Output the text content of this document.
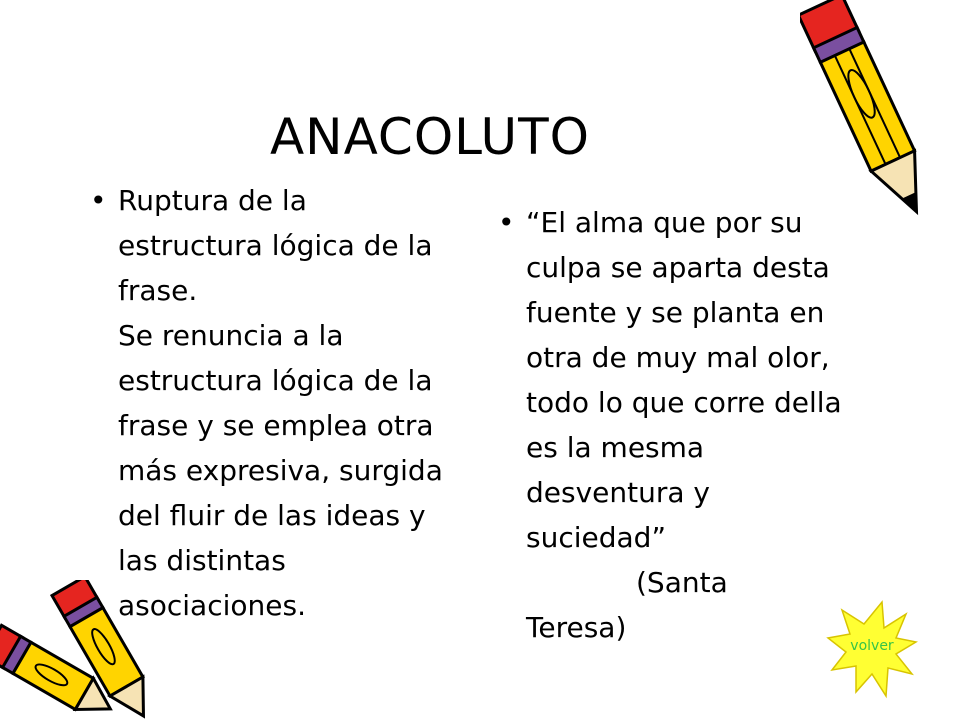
ANACOLUTO
• Ruptura de la estructura lógica de la frase.
Se renuncia a la estructura lógica de la frase y se emplea otra más expresiva, surgida del fluir de las ideas y las distintas asociaciones.
• “El alma que por su culpa se aparta desta fuente y se planta en otra de muy mal olor, todo lo que corre della es la mesma desventura y suciedad”
(Santa
Teresa)
volver
